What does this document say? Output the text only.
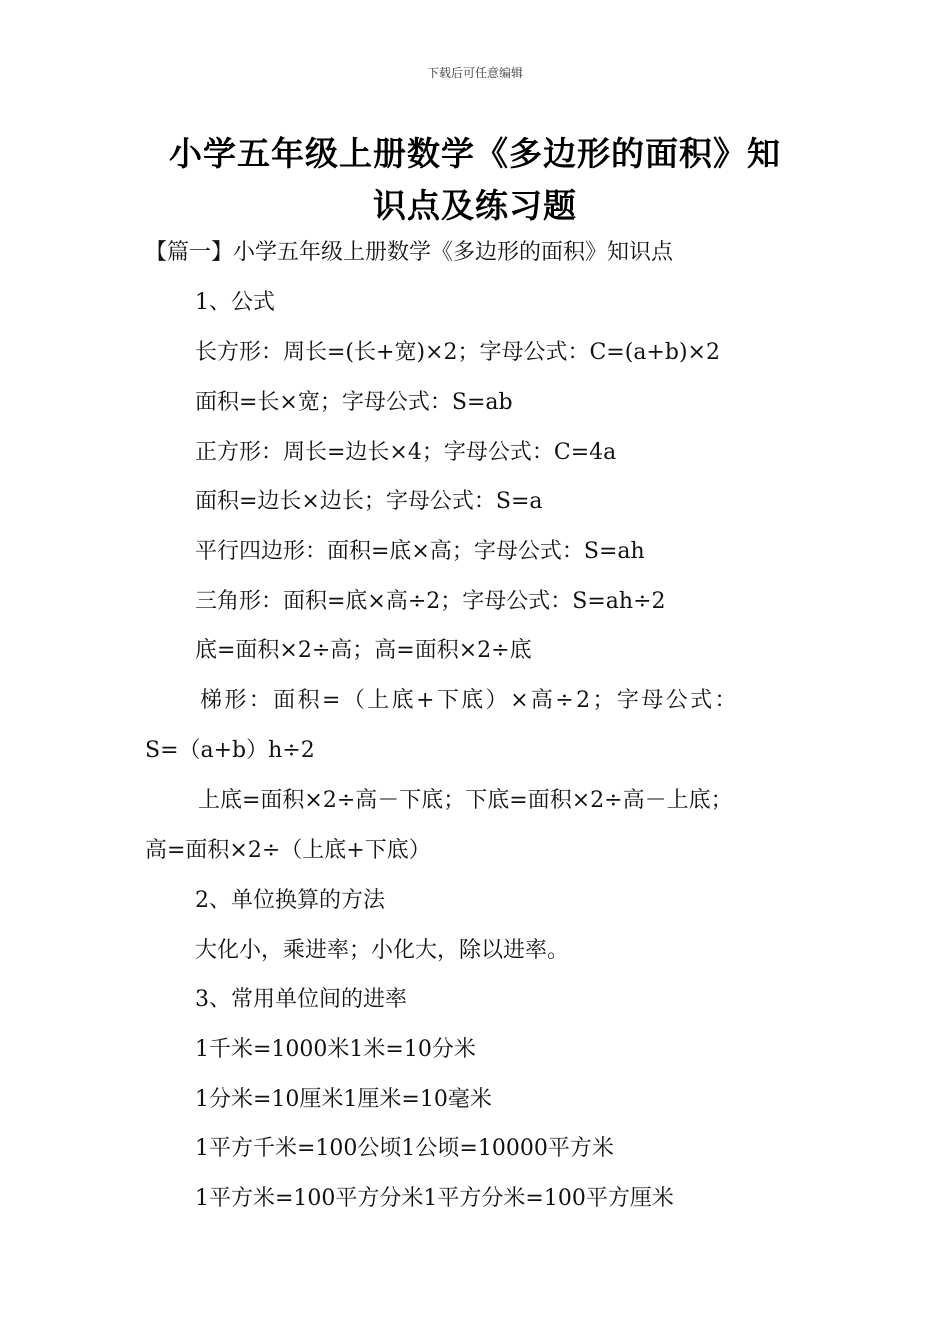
下载后可任意编辑
小学五年级上册数学《多边形的面积》知
识点及练习题
【篇一】小学五年级上册数学《多边形的面积》知识点
1、公式
长方形：周长=(长+宽)×2；字母公式：C=(a+b)×2
面积=长×宽；字母公式：S=ab
正方形：周长=边长×4；字母公式：C=4a
面积=边长×边长；字母公式：S=a
平行四边形：面积=底×高；字母公式：S=ah
三角形：面积=底×高÷2；字母公式：S=ah÷2
底=面积×2÷高；高=面积×2÷底
梯形：面积=（上底+下底）×高÷2；字母公式：
S=（a+b）h÷2
上底=面积×2÷高－下底；下底=面积×2÷高－上底；
高=面积×2÷（上底+下底）
2、单位换算的方法
大化小，乘进率；小化大，除以进率。
3、常用单位间的进率
1千米=1000米1米=10分米
1分米=10厘米1厘米=10毫米
1平方千米=100公顷1公顷=10000平方米
1平方米=100平方分米1平方分米=100平方厘米
